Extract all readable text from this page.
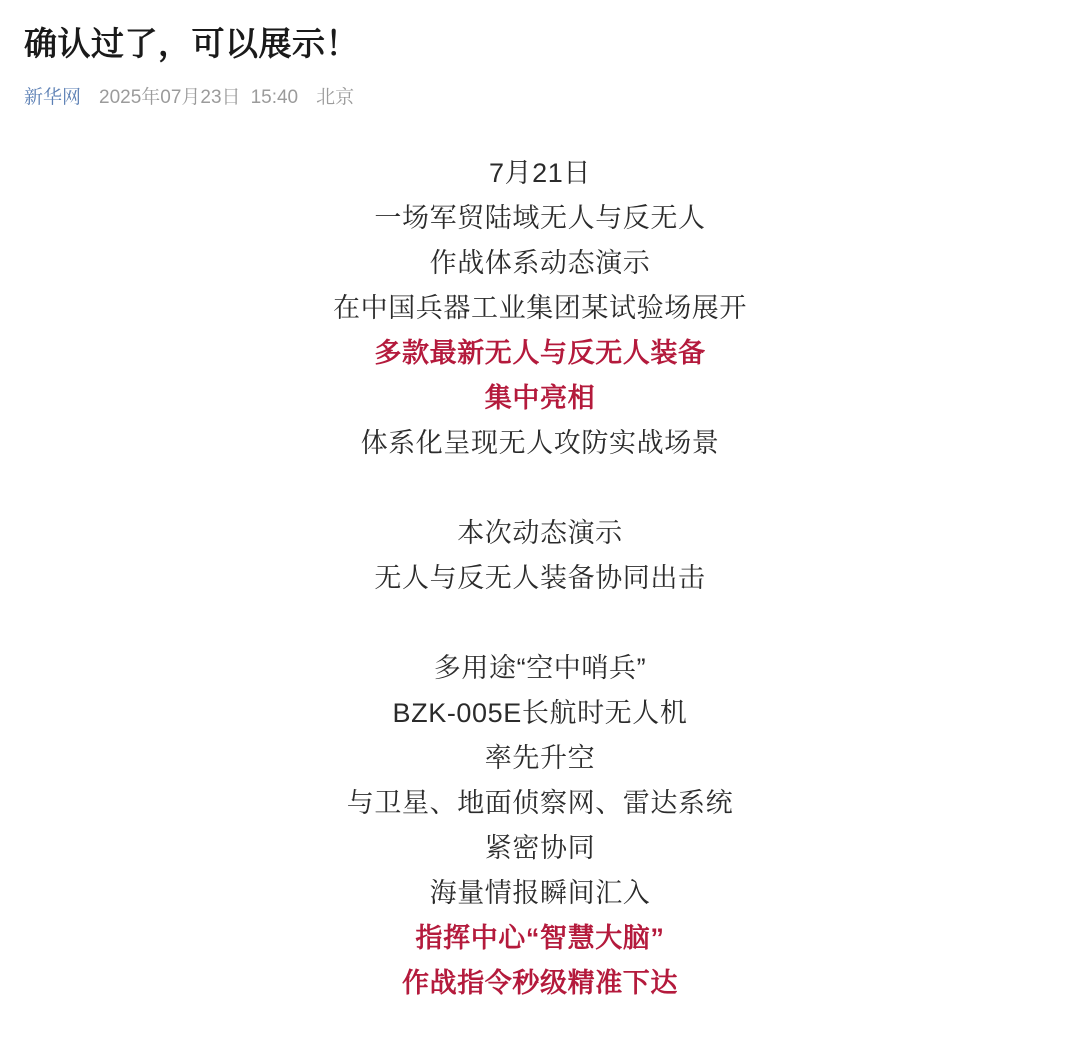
确认过了，可以展示！
新华网 2025年07月23日 15:40 北京
7月21日
一场军贸陆域无人与反无人
作战体系动态演示
在中国兵器工业集团某试验场展开
多款最新无人与反无人装备
集中亮相
体系化呈现无人攻防实战场景
本次动态演示
无人与反无人装备协同出击
多用途“空中哨兵”
BZK-005E长航时无人机
率先升空
与卫星、地面侦察网、雷达系统
紧密协同
海量情报瞬间汇入
指挥中心“智慧大脑”
作战指令秒级精准下达
